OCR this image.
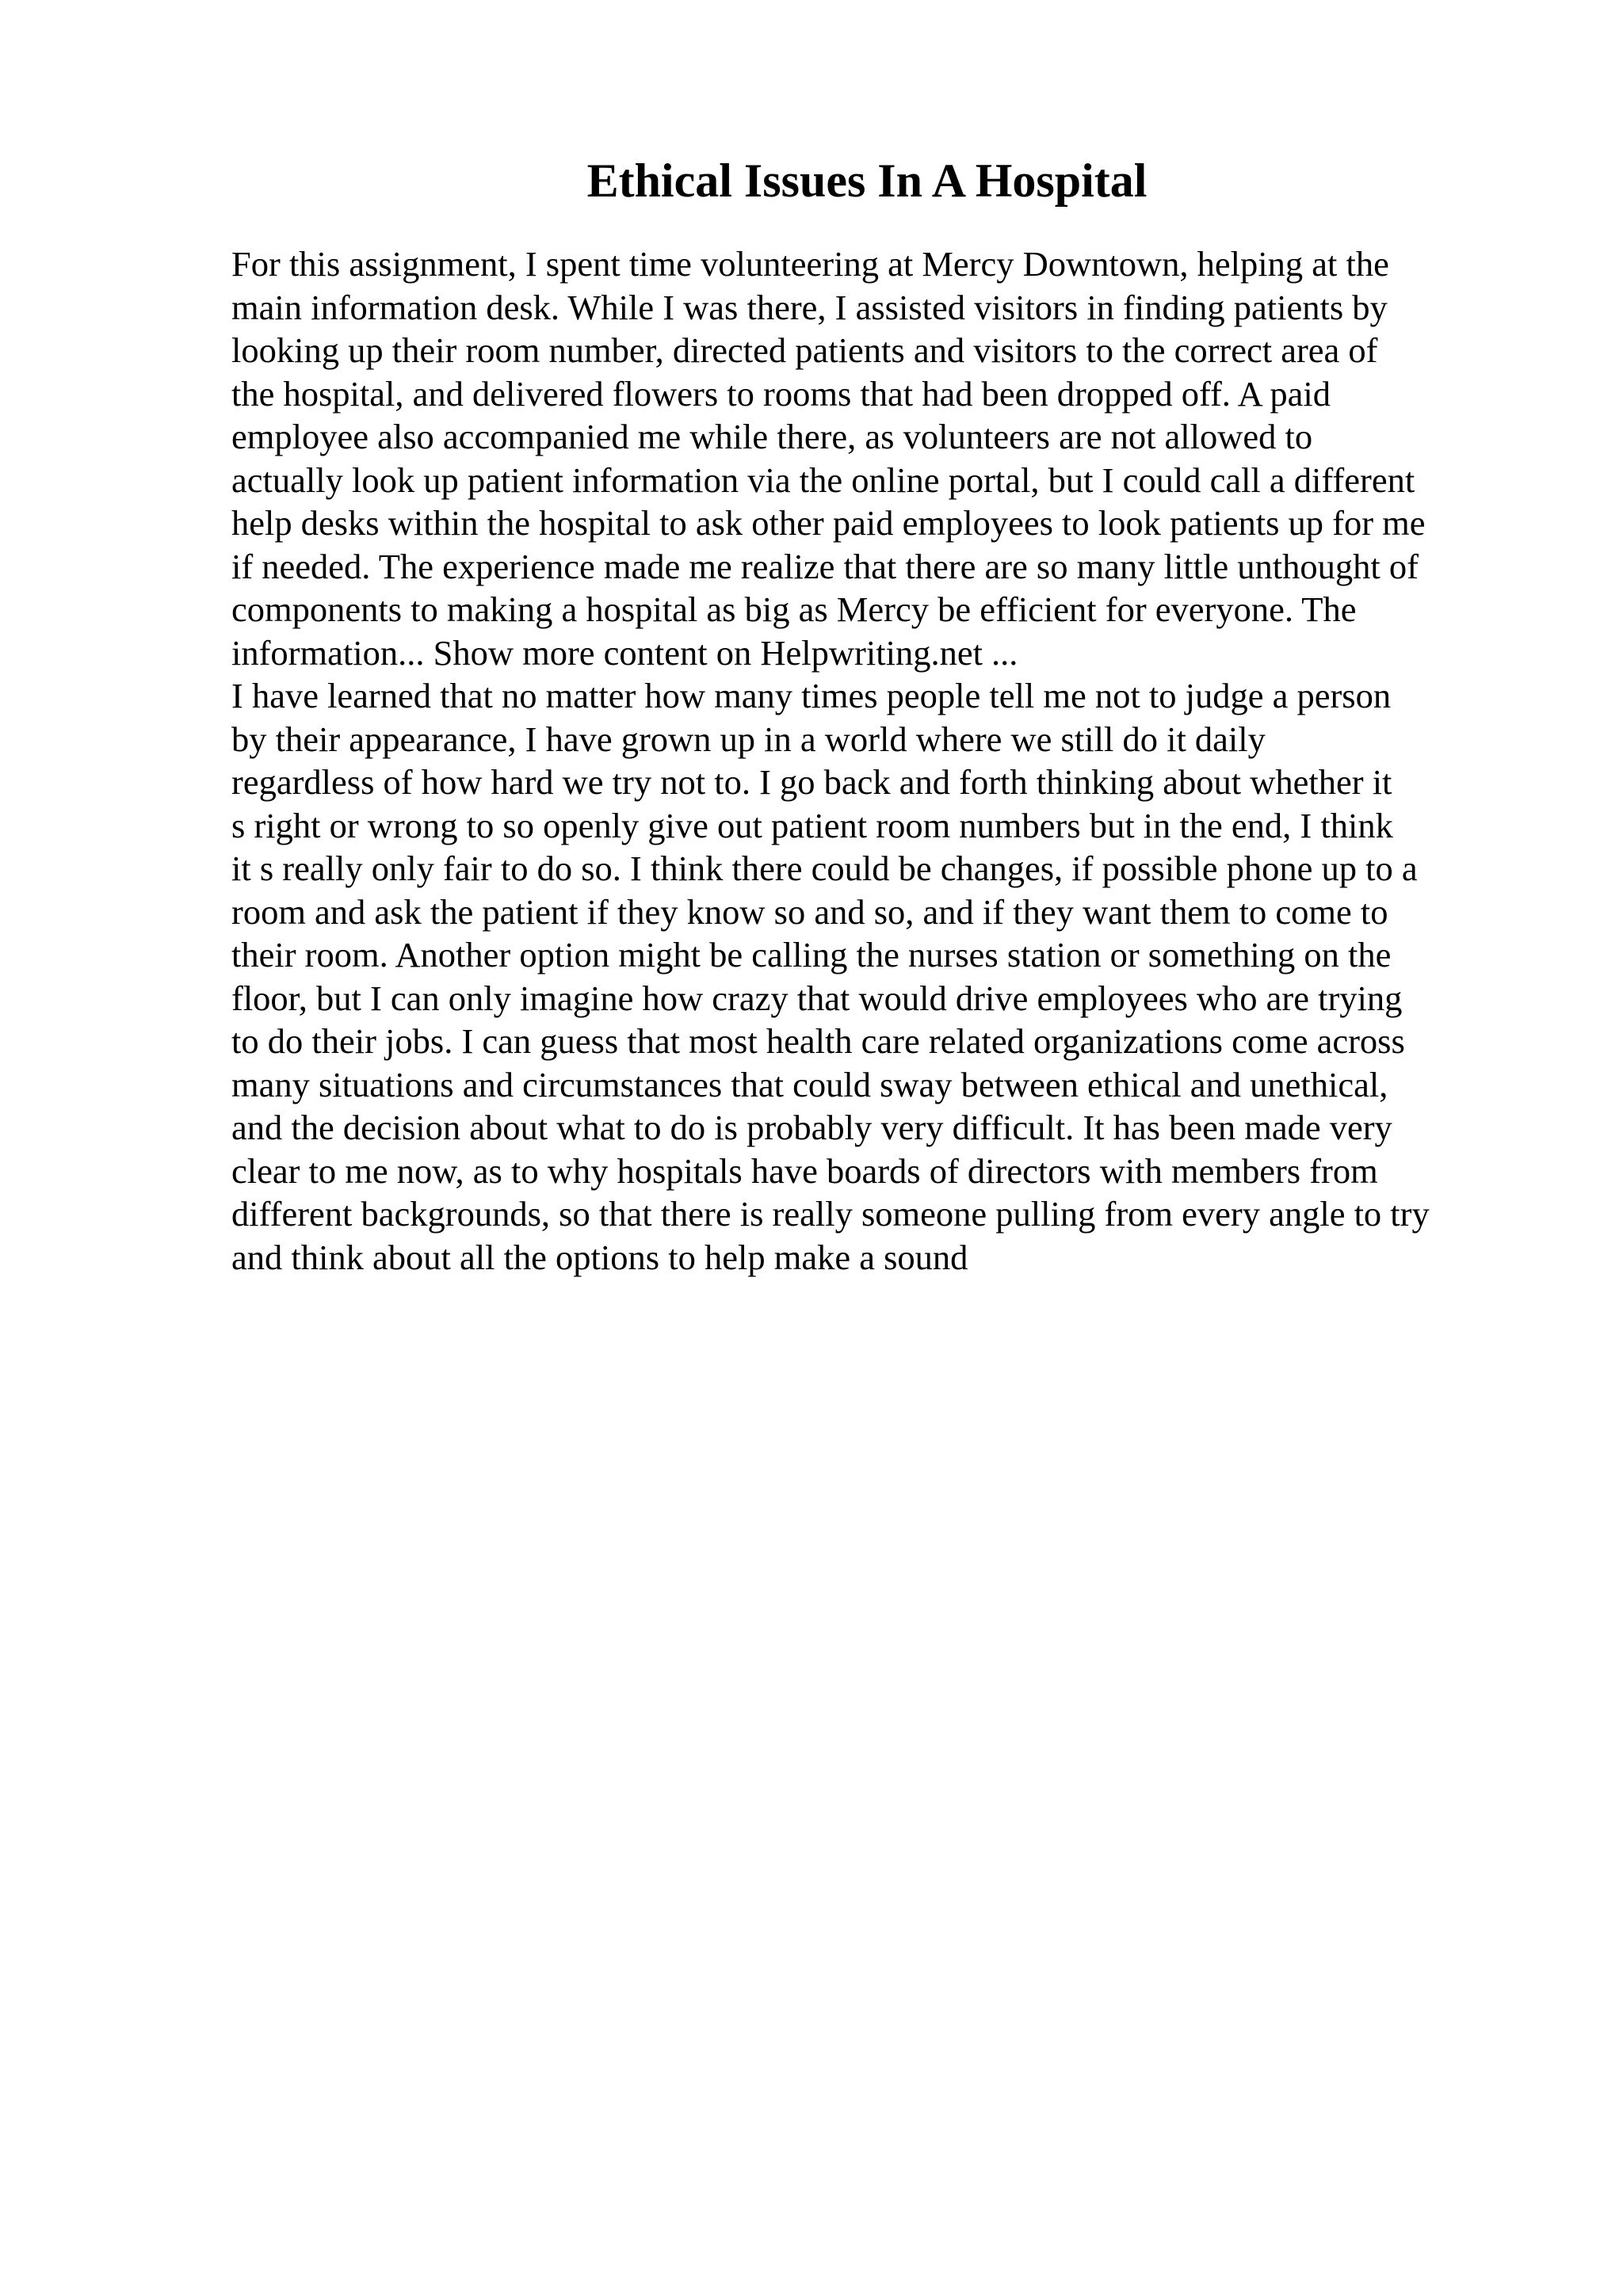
Ethical Issues In A Hospital
For this assignment, I spent time volunteering at Mercy Downtown, helping at the
main information desk. While I was there, I assisted visitors in finding patients by
looking up their room number, directed patients and visitors to the correct area of
the hospital, and delivered flowers to rooms that had been dropped off. A paid
employee also accompanied me while there, as volunteers are not allowed to
actually look up patient information via the online portal, but I could call a different
help desks within the hospital to ask other paid employees to look patients up for me
if needed. The experience made me realize that there are so many little unthought of
components to making a hospital as big as Mercy be efficient for everyone. The
information... Show more content on Helpwriting.net ...
I have learned that no matter how many times people tell me not to judge a person
by their appearance, I have grown up in a world where we still do it daily
regardless of how hard we try not to. I go back and forth thinking about whether it
s right or wrong to so openly give out patient room numbers but in the end, I think
it s really only fair to do so. I think there could be changes, if possible phone up to a
room and ask the patient if they know so and so, and if they want them to come to
their room. Another option might be calling the nurses station or something on the
floor, but I can only imagine how crazy that would drive employees who are trying
to do their jobs. I can guess that most health care related organizations come across
many situations and circumstances that could sway between ethical and unethical,
and the decision about what to do is probably very difficult. It has been made very
clear to me now, as to why hospitals have boards of directors with members from
different backgrounds, so that there is really someone pulling from every angle to try
and think about all the options to help make a sound
